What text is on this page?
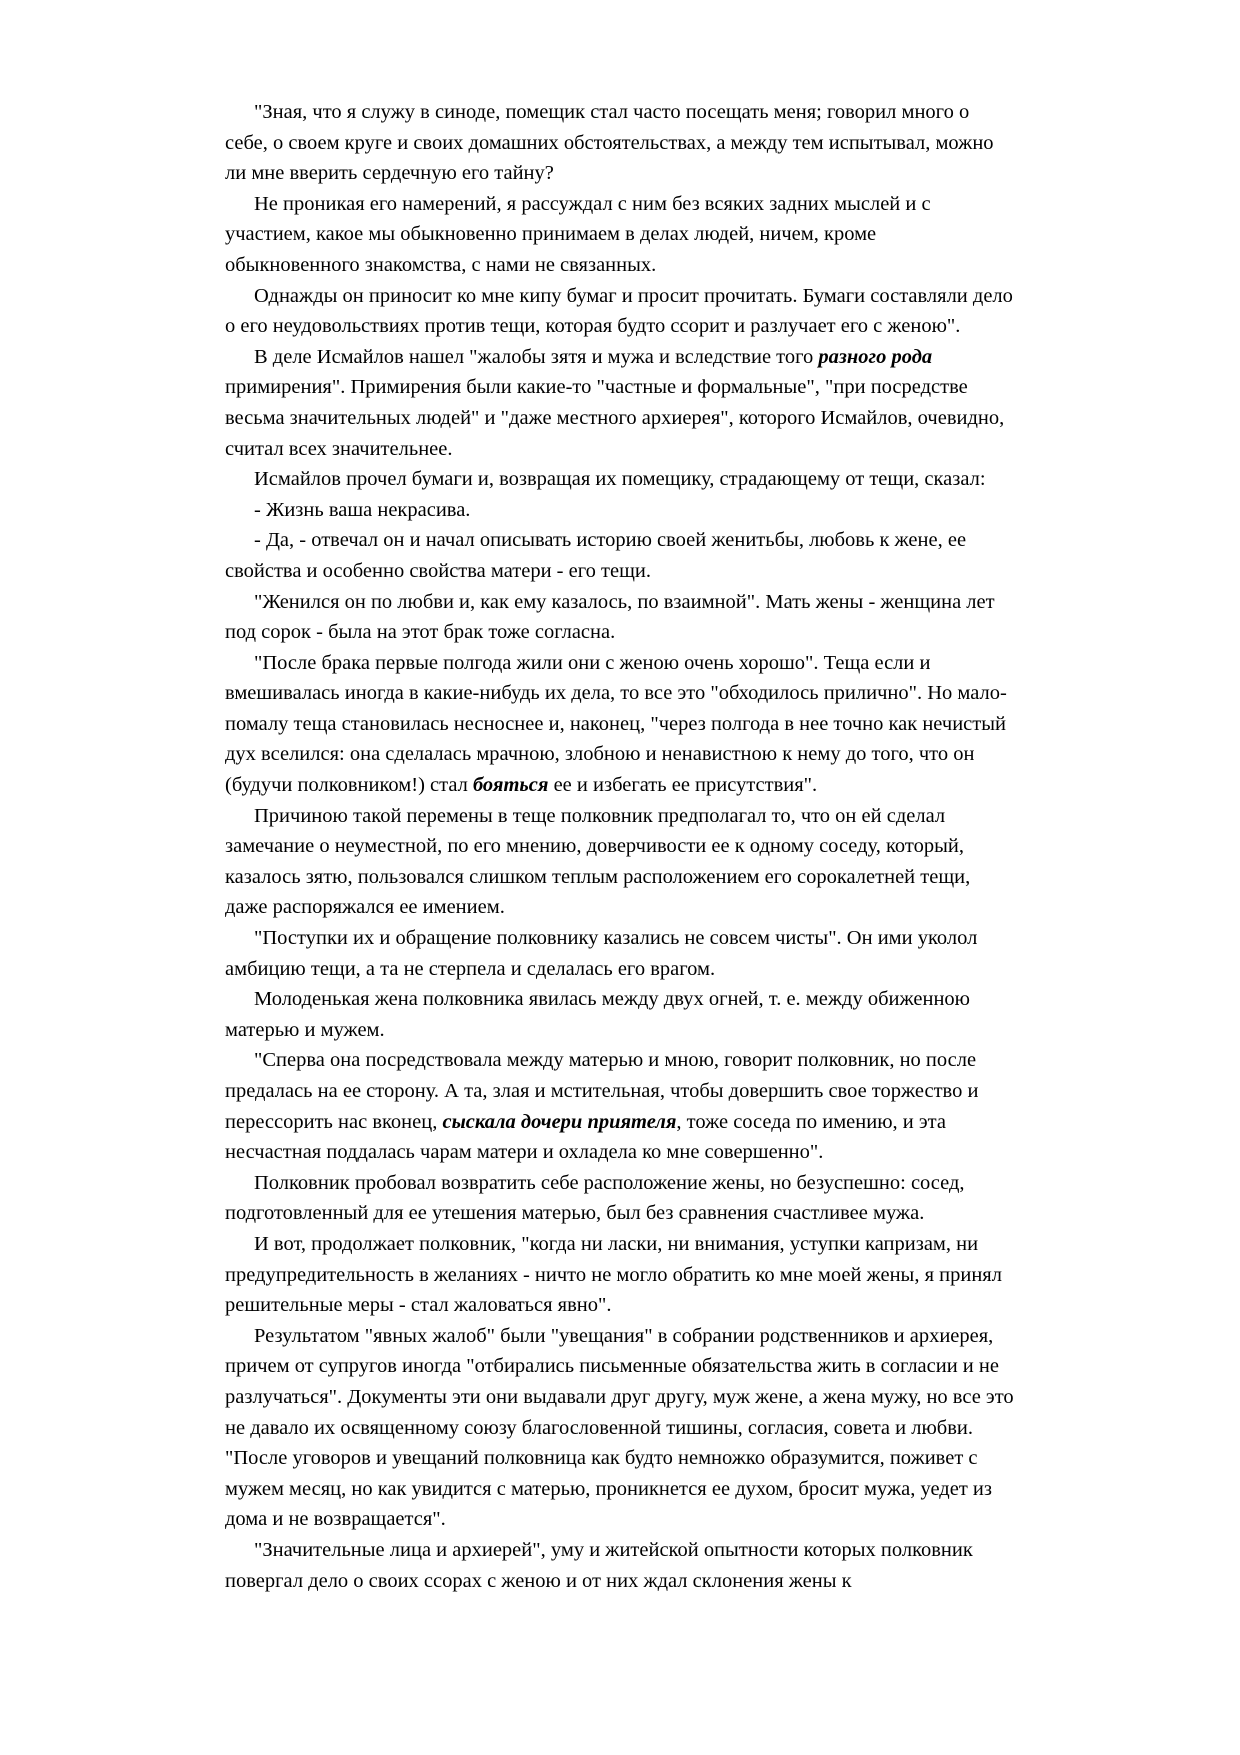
"Зная, что я служу в синоде, помещик стал часто посещать меня; говорил много о себе, о своем круге и своих домашних обстоятельствах, а между тем испытывал, можно ли мне вверить сердечную его тайну?

Не проникая его намерений, я рассуждал с ним без всяких задних мыслей и с участием, какое мы обыкновенно принимаем в делах людей, ничем, кроме обыкновенного знакомства, с нами не связанных.

Однажды он приносит ко мне кипу бумаг и просит прочитать. Бумаги составляли дело о его неудовольствиях против тещи, которая будто ссорит и разлучает его с женою".

В деле Исмайлов нашел "жалобы зятя и мужа и вследствие того разного рода примирения". Примирения были какие-то "частные и формальные", "при посредстве весьма значительных людей" и "даже местного архиерея", которого Исмайлов, очевидно, считал всех значительнее.

Исмайлов прочел бумаги и, возвращая их помещику, страдающему от тещи, сказал:

- Жизнь ваша некрасива.

- Да, - отвечал он и начал описывать историю своей женитьбы, любовь к жене, ее свойства и особенно свойства матери - его тещи.

"Женился он по любви и, как ему казалось, по взаимной". Мать жены - женщина лет под сорок - была на этот брак тоже согласна.

"После брака первые полгода жили они с женою очень хорошо". Теща если и вмешивалась иногда в какие-нибудь их дела, то все это "обходилось прилично". Но мало-помалу теща становилась несноснее и, наконец, "через полгода в нее точно как нечистый дух вселился: она сделалась мрачною, злобною и ненавистною к нему до того, что он (будучи полковником!) стал бояться ее и избегать ее присутствия".

Причиною такой перемены в теще полковник предполагал то, что он ей сделал замечание о неуместной, по его мнению, доверчивости ее к одному соседу, который, казалось зятю, пользовался слишком теплым расположением его сорокалетней тещи, даже распоряжался ее имением.

"Поступки их и обращение полковнику казались не совсем чисты". Он ими уколол амбицию тещи, а та не стерпела и сделалась его врагом.

Молоденькая жена полковника явилась между двух огней, т. е. между обиженною матерью и мужем.

"Сперва она посредствовала между матерью и мною, говорит полковник, но после предалась на ее сторону. А та, злая и мстительная, чтобы довершить свое торжество и перессорить нас вконец, сыскала дочери приятеля, тоже соседа по имению, и эта несчастная поддалась чарам матери и охладела ко мне совершенно".

Полковник пробовал возвратить себе расположение жены, но безуспешно: сосед, подготовленный для ее утешения матерью, был без сравнения счастливее мужа.

И вот, продолжает полковник, "когда ни ласки, ни внимания, уступки капризам, ни предупредительность в желаниях - ничто не могло обратить ко мне моей жены, я принял решительные меры - стал жаловаться явно".

Результатом "явных жалоб" были "увещания" в собрании родственников и архиерея, причем от супругов иногда "отбирались письменные обязательства жить в согласии и не разлучаться". Документы эти они выдавали друг другу, муж жене, а жена мужу, но все это не давало их освященному союзу благословенной тишины, согласия, совета и любви. "После уговоров и увещаний полковница как будто немножко образумится, поживет с мужем месяц, но как увидится с матерью, проникнется ее духом, бросит мужа, уедет из дома и не возвращается".

"Значительные лица и архиерей", уму и житейской опытности которых полковник повергал дело о своих ссорах с женою и от них ждал склонения жены к
